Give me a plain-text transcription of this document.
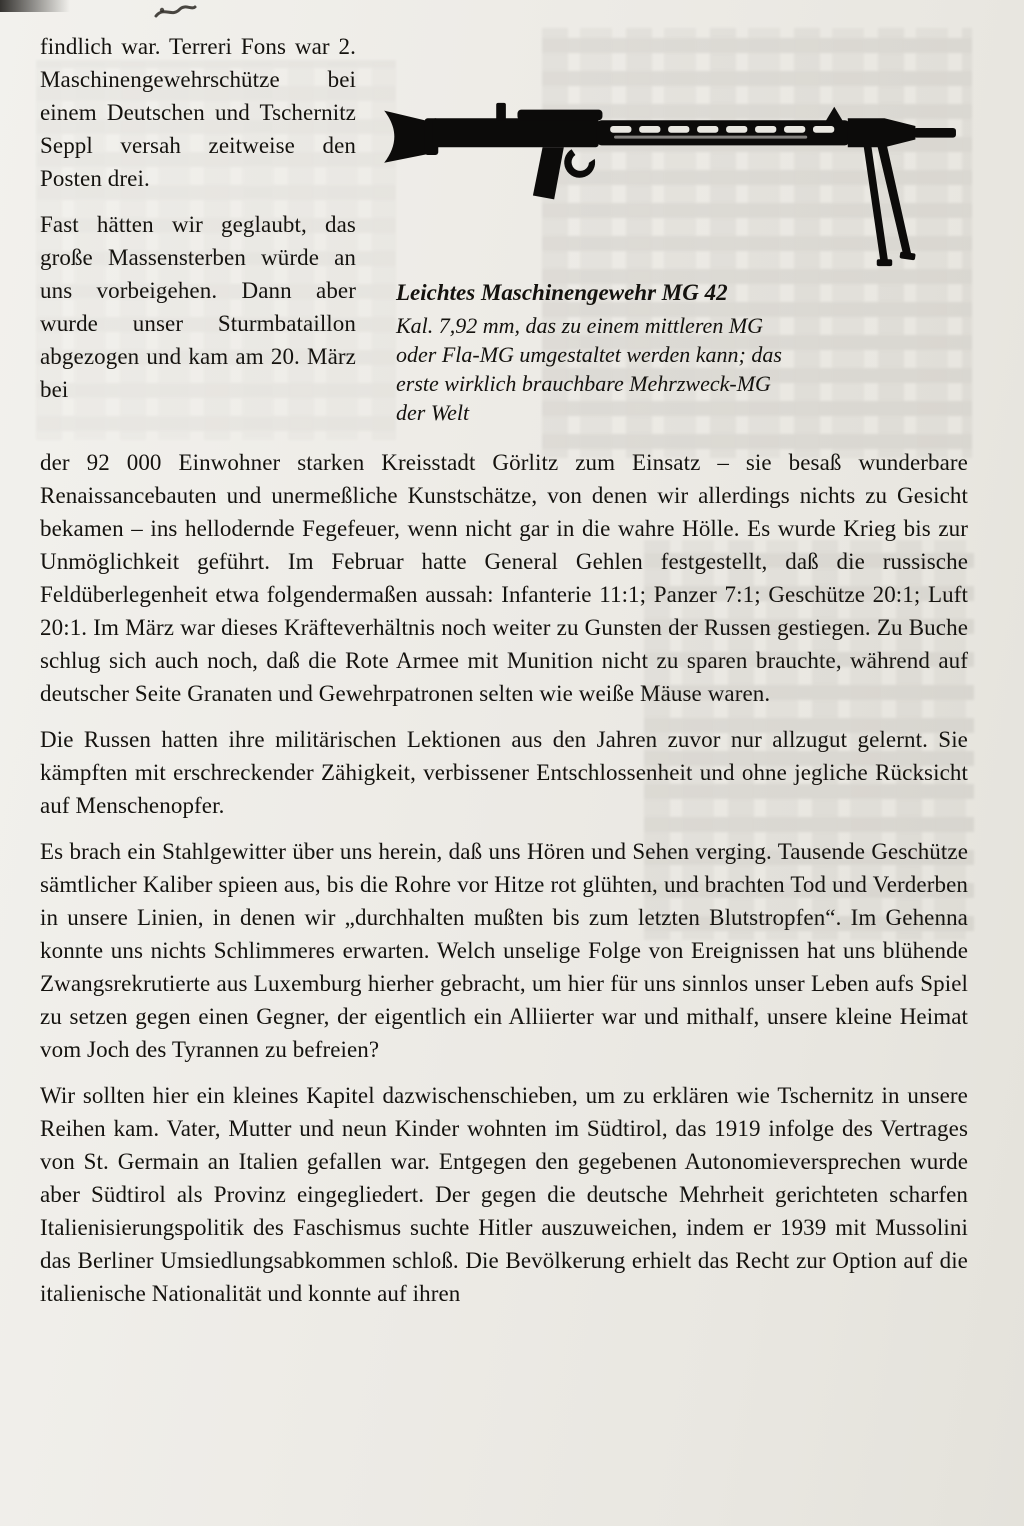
Leichtes Maschinengewehr MG 42
Kal. 7,92 mm, das zu einem mittleren MG oder Fla-MG umgestaltet werden kann; das erste wirklich brauchbare Mehrzweck-MG der Welt

findlich war. Terreri Fons war 2. Maschinengewehrschütze bei einem Deutschen und Tschernitz Seppl versah zeitweise den Posten drei.

Fast hätten wir geglaubt, das große Massensterben würde an uns vorbeigehen. Dann aber wurde unser Sturmbataillon abgezogen und kam am 20. März bei

der 92 000 Einwohner starken Kreisstadt Görlitz zum Einsatz – sie besaß wunderbare Renaissancebauten und unermeßliche Kunstschätze, von denen wir allerdings nichts zu Gesicht bekamen – ins hellodernde Fegefeuer, wenn nicht gar in die wahre Hölle. Es wurde Krieg bis zur Unmöglichkeit geführt. Im Februar hatte General Gehlen festgestellt, daß die russische Feldüberlegenheit etwa folgendermaßen aussah: Infanterie 11:1; Panzer 7:1; Geschütze 20:1; Luft 20:1. Im März war dieses Kräfteverhältnis noch weiter zu Gunsten der Russen gestiegen. Zu Buche schlug sich auch noch, daß die Rote Armee mit Munition nicht zu sparen brauchte, während auf deutscher Seite Granaten und Gewehrpatronen selten wie weiße Mäuse waren.

Die Russen hatten ihre militärischen Lektionen aus den Jahren zuvor nur allzugut gelernt. Sie kämpften mit erschreckender Zähigkeit, verbissener Entschlossenheit und ohne jegliche Rücksicht auf Menschenopfer.

Es brach ein Stahlgewitter über uns herein, daß uns Hören und Sehen verging. Tausende Geschütze sämtlicher Kaliber spieen aus, bis die Rohre vor Hitze rot glühten, und brachten Tod und Verderben in unsere Linien, in denen wir „durchhalten mußten bis zum letzten Blutstropfen“. Im Gehenna konnte uns nichts Schlimmeres erwarten. Welch unselige Folge von Ereignissen hat uns blühende Zwangsrekrutierte aus Luxemburg hierher gebracht, um hier für uns sinnlos unser Leben aufs Spiel zu setzen gegen einen Gegner, der eigentlich ein Alliierter war und mithalf, unsere kleine Heimat vom Joch des Tyrannen zu befreien?

Wir sollten hier ein kleines Kapitel dazwischenschieben, um zu erklären wie Tschernitz in unsere Reihen kam. Vater, Mutter und neun Kinder wohnten im Südtirol, das 1919 infolge des Vertrages von St. Germain an Italien gefallen war. Entgegen den gegebenen Autonomieversprechen wurde aber Südtirol als Provinz eingegliedert. Der gegen die deutsche Mehrheit gerichteten scharfen Italienisierungspolitik des Faschismus suchte Hitler auszuweichen, indem er 1939 mit Mussolini das Berliner Umsiedlungsabkommen schloß. Die Bevölkerung erhielt das Recht zur Option auf die italienische Nationalität und konnte auf ihren
